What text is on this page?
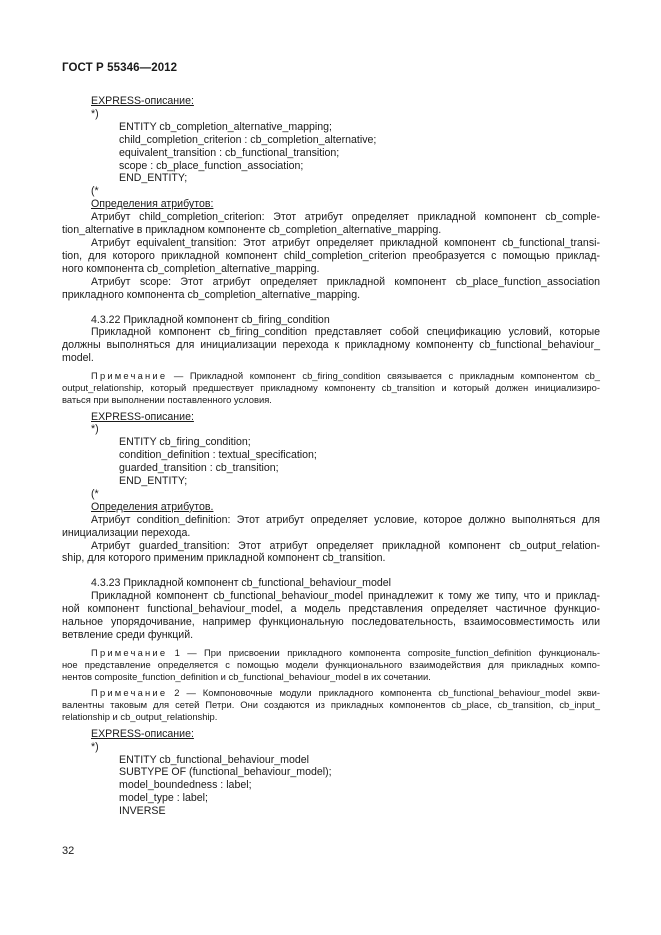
ГОСТ Р 55346—2012
EXPRESS-описание:
*)
ENTITY cb_completion_alternative_mapping;
child_completion_criterion : cb_completion_alternative;
equivalent_transition : cb_functional_transition;
scope : cb_place_function_association;
END_ENTITY;
(*
Определения атрибутов:
Атрибут child_completion_criterion: Этот атрибут определяет прикладной компонент cb_comple-
tion_alternative в прикладном компоненте cb_completion_alternative_mapping.
Атрибут equivalent_transition: Этот атрибут определяет прикладной компонент cb_functional_transi-
tion, для которого прикладной компонент child_completion_criterion преобразуется с помощью приклад-
ного компонента cb_completion_alternative_mapping.
Атрибут scope: Этот атрибут определяет прикладной компонент cb_place_function_association
прикладного компонента cb_completion_alternative_mapping.
4.3.22 Прикладной компонент cb_firing_condition
Прикладной компонент cb_firing_condition представляет собой спецификацию условий, которые
должны выполняться для инициализации перехода к прикладному компоненту cb_functional_behaviour_
model.
Примечание — Прикладной компонент cb_firing_condition связывается с прикладным компонентом cb_
output_relationship, который предшествует прикладному компоненту cb_transition и который должен инициализиро-
ваться при выполнении поставленного условия.
EXPRESS-описание:
*)
ENTITY cb_firing_condition;
condition_definition : textual_specification;
guarded_transition : cb_transition;
END_ENTITY;
(*
Определения атрибутов.
Атрибут condition_definition: Этот атрибут определяет условие, которое должно выполняться для
инициализации перехода.
Атрибут guarded_transition: Этот атрибут определяет прикладной компонент cb_output_relation-
ship, для которого применим прикладной компонент cb_transition.
4.3.23 Прикладной компонент cb_functional_behaviour_model
Прикладной компонент cb_functional_behaviour_model принадлежит к тому же типу, что и приклад-
ной компонент functional_behaviour_model, а модель представления определяет частичное функцио-
нальное упорядочивание, например функциональную последовательность, взаимосовместимость или
ветвление среди функций.
Примечание 1 — При присвоении прикладного компонента composite_function_definition функциональ-
ное представление определяется с помощью модели функционального взаимодействия для прикладных компо-
нентов composite_function_definition и cb_functional_behaviour_model в их сочетании.
Примечание 2 — Компоновочные модули прикладного компонента cb_functional_behaviour_model экви-
валентны таковым для сетей Петри. Они создаются из прикладных компонентов cb_place, cb_transition, cb_input_
relationship и cb_output_relationship.
EXPRESS-описание:
*)
ENTITY cb_functional_behaviour_model
SUBTYPE OF (functional_behaviour_model);
model_boundedness : label;
model_type : label;
INVERSE
32
